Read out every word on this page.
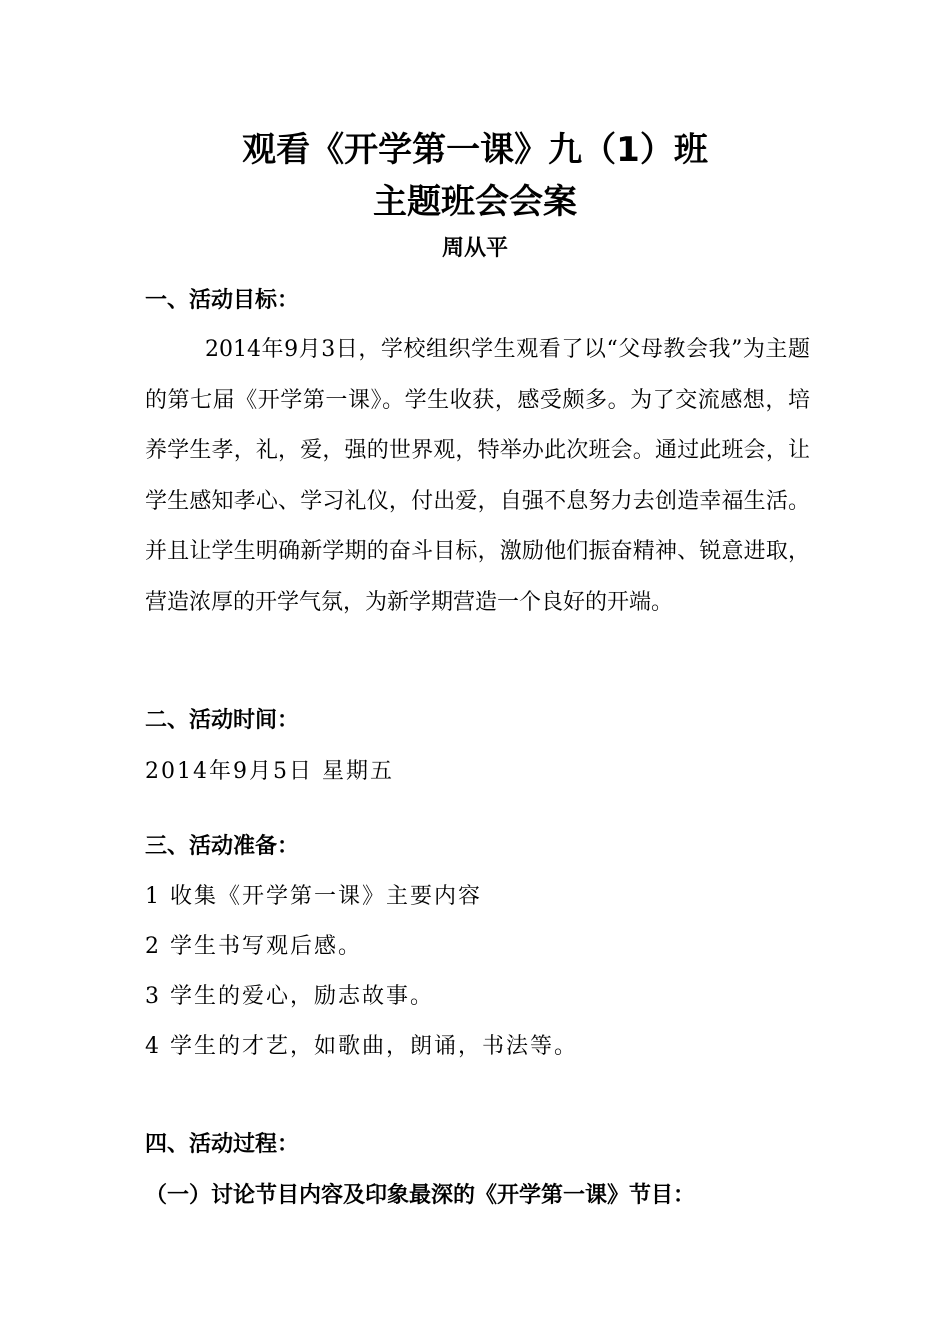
观看《开学第一课》九（1）班
主题班会会案
周从平
一、活动目标：

2014年9月3日，学校组织学生观看了以“父母教会我”为主题的第七届《开学第一课》。学生收获，感受颇多。为了交流感想，培养学生孝，礼，爱，强的世界观，特举办此次班会。通过此班会，让学生感知孝心、学习礼仪，付出爱，自强不息努力去创造幸福生活。并且让学生明确新学期的奋斗目标，激励他们振奋精神、锐意进取，营造浓厚的开学气氛，为新学期营造一个良好的开端。

二、活动时间：
2014年9月5日 星期五
三、活动准备：
1 收集《开学第一课》主要内容
2 学生书写观后感。
3 学生的爱心，励志故事。
4 学生的才艺，如歌曲，朗诵，书法等。
四、活动过程：
（一）讨论节目内容及印象最深的《开学第一课》节目：
